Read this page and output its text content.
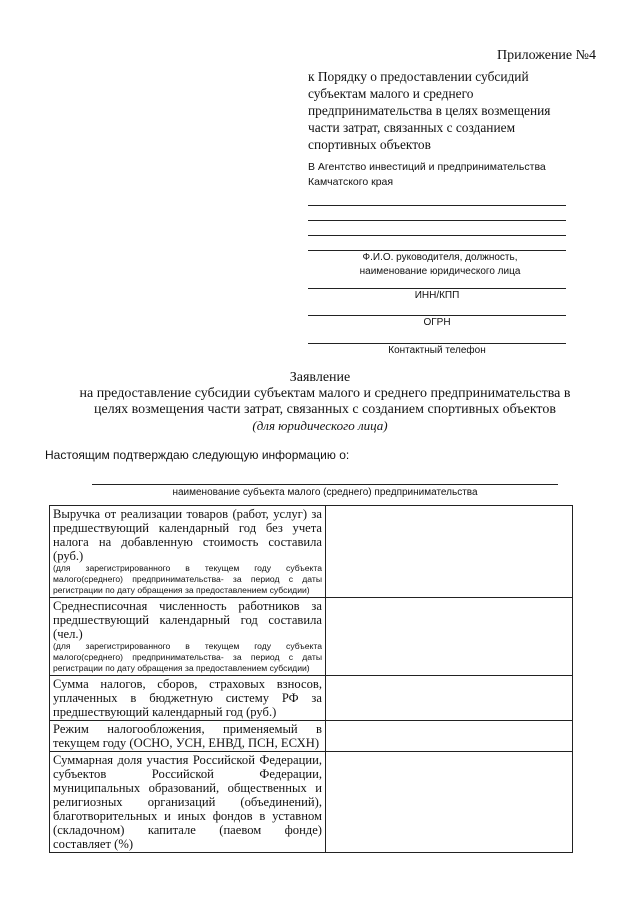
Приложение №4
к Порядку о предоставлении субсидий субъектам малого и среднего предпринимательства в целях возмещения части затрат, связанных с созданием спортивных объектов
В Агентство инвестиций и предпринимательства Камчатского края
Ф.И.О. руководителя, должность, наименование юридического лица
ИНН/КПП
ОГРН
Контактный телефон
Заявление
на предоставление субсидии субъектам малого и среднего предпринимательства в целях возмещения части затрат, связанных с созданием спортивных объектов
(для юридического лица)
Настоящим подтверждаю следующую информацию о:
наименование субъекта малого (среднего) предпринимательства
Выручка от реализации товаров (работ, услуг) за предшествующий календарный год без учета налога на добавленную стоимость составила (руб.)
(для зарегистрированного в текущем году субъекта малого(среднего) предпринимательства- за период с даты регистрации по дату обращения за предоставлением субсидии)	

Среднесписочная численность работников за предшествующий календарный год составила (чел.)
(для зарегистрированного в текущем году субъекта малого(среднего) предпринимательства- за период с даты регистрации по дату обращения за предоставлением субсидии)	

Сумма налогов, сборов, страховых взносов, уплаченных в бюджетную систему РФ за предшествующий календарный год (руб.)	
Режим налогообложения, применяемый в текущем году (ОСНО, УСН, ЕНВД, ПСН, ЕСХН)	
Суммарная доля участия Российской Федерации, субъектов Российской Федерации, муниципальных образований, общественных и религиозных организаций (объединений), благотворительных и иных фондов в уставном (складочном) капитале (паевом фонде) составляет (%)	
